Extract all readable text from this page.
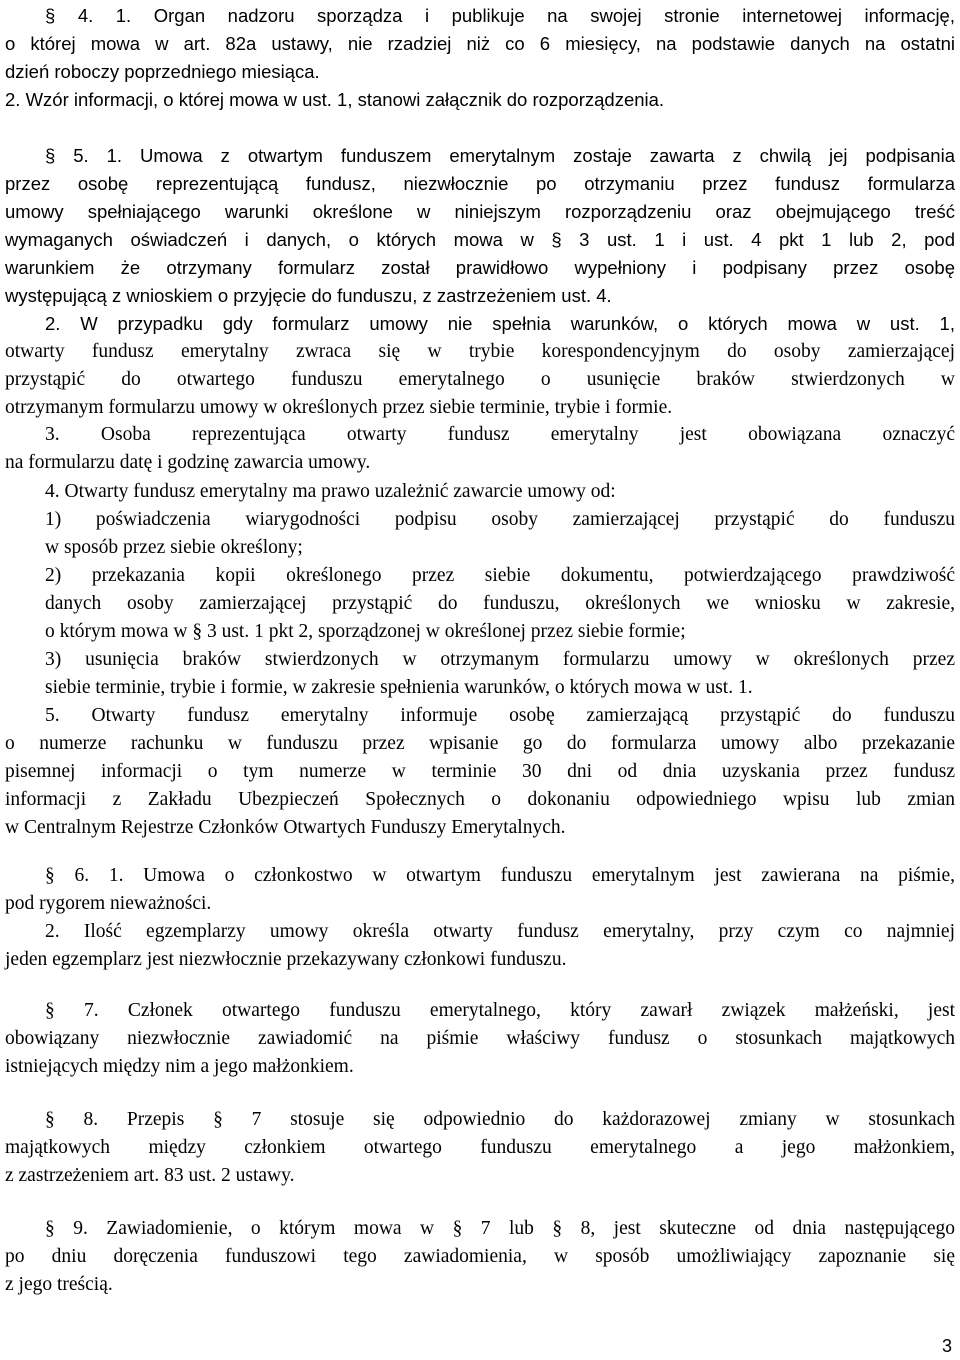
§ 4. 1. Organ nadzoru sporządza i publikuje na swojej stronie internetowej informację,
o której mowa w art. 82a ustawy, nie rzadziej niż co 6 miesięcy, na podstawie danych na ostatni
dzień roboczy poprzedniego miesiąca.
2. Wzór informacji, o której mowa w ust. 1, stanowi załącznik do rozporządzenia.
§ 5. 1. Umowa z otwartym funduszem emerytalnym zostaje zawarta z chwilą jej podpisania
przez osobę reprezentującą fundusz, niezwłocznie po otrzymaniu przez fundusz formularza
umowy spełniającego warunki określone w niniejszym rozporządzeniu oraz obejmującego treść
wymaganych oświadczeń i danych, o których mowa w § 3 ust. 1 i ust. 4 pkt 1 lub 2, pod
warunkiem że otrzymany formularz został prawidłowo wypełniony i podpisany przez osobę
występującą z wnioskiem o przyjęcie do funduszu, z zastrzeżeniem ust. 4.
2. W przypadku gdy formularz umowy nie spełnia warunków, o których mowa w ust. 1,
otwarty fundusz emerytalny zwraca się w trybie korespondencyjnym do osoby zamierzającej
przystąpić do otwartego funduszu emerytalnego o usunięcie braków stwierdzonych w
otrzymanym formularzu umowy w określonych przez siebie terminie, trybie i formie.
3. Osoba reprezentująca otwarty fundusz emerytalny jest obowiązana oznaczyć
na formularzu datę i godzinę zawarcia umowy.
4. Otwarty fundusz emerytalny ma prawo uzależnić zawarcie umowy od:
1) poświadczenia wiarygodności podpisu osoby zamierzającej przystąpić do funduszu
w sposób przez siebie określony;
2) przekazania kopii określonego przez siebie dokumentu, potwierdzającego prawdziwość
danych osoby zamierzającej przystąpić do funduszu, określonych we wniosku w zakresie,
o którym mowa w § 3 ust. 1 pkt 2, sporządzonej w określonej przez siebie formie;
3) usunięcia braków stwierdzonych w otrzymanym formularzu umowy w określonych przez
siebie terminie, trybie i formie, w zakresie spełnienia warunków, o których mowa w ust. 1.
5. Otwarty fundusz emerytalny informuje osobę zamierzającą przystąpić do funduszu
o numerze rachunku w funduszu przez wpisanie go do formularza umowy albo przekazanie
pisemnej informacji o tym numerze w terminie 30 dni od dnia uzyskania przez fundusz
informacji z Zakładu Ubezpieczeń Społecznych o dokonaniu odpowiedniego wpisu lub zmian
w Centralnym Rejestrze Członków Otwartych Funduszy Emerytalnych.
§ 6. 1. Umowa o członkostwo w otwartym funduszu emerytalnym jest zawierana na piśmie,
pod rygorem nieważności.
2. Ilość egzemplarzy umowy określa otwarty fundusz emerytalny, przy czym co najmniej
jeden egzemplarz jest niezwłocznie przekazywany członkowi funduszu.
§ 7. Członek otwartego funduszu emerytalnego, który zawarł związek małżeński, jest
obowiązany niezwłocznie zawiadomić na piśmie właściwy fundusz o stosunkach majątkowych
istniejących między nim a jego małżonkiem.
§ 8. Przepis § 7 stosuje się odpowiednio do każdorazowej zmiany w stosunkach
majątkowych między członkiem otwartego funduszu emerytalnego a jego małżonkiem,
z zastrzeżeniem art. 83 ust. 2 ustawy.
§ 9. Zawiadomienie, o którym mowa w § 7 lub § 8, jest skuteczne od dnia następującego
po dniu doręczenia funduszowi tego zawiadomienia, w sposób umożliwiający zapoznanie się
z jego treścią.
3
